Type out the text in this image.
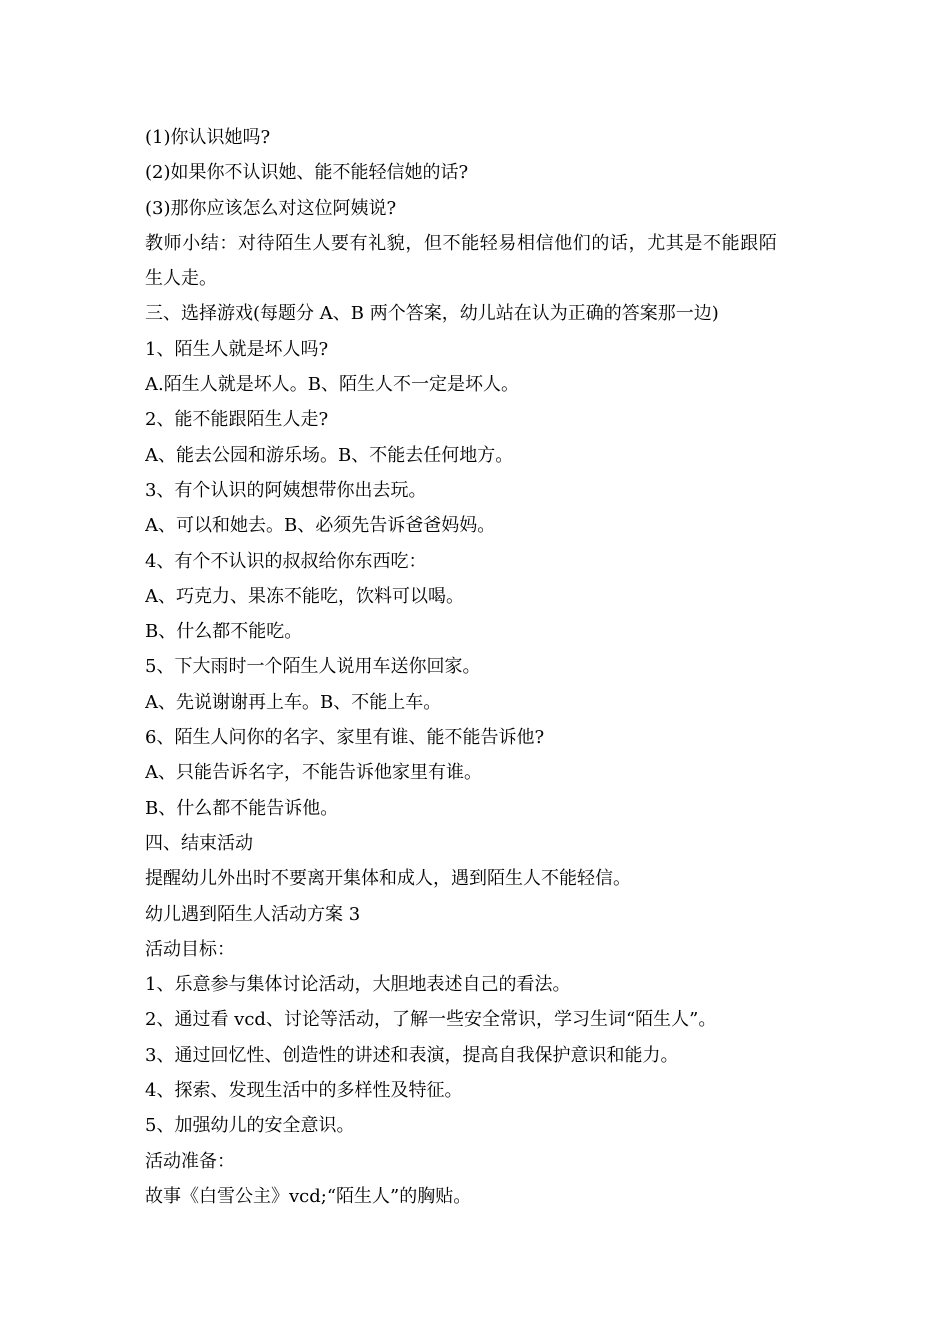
(1)你认识她吗?
(2)如果你不认识她、能不能轻信她的话?
(3)那你应该怎么对这位阿姨说?
教师小结：对待陌生人要有礼貌，但不能轻易相信他们的话，尤其是不能跟陌
生人走。
三、选择游戏(每题分 A、B 两个答案，幼儿站在认为正确的答案那一边)
1、陌生人就是坏人吗?
A.陌生人就是坏人。B、陌生人不一定是坏人。
2、能不能跟陌生人走?
A、能去公园和游乐场。B、不能去任何地方。
3、有个认识的阿姨想带你出去玩。
A、可以和她去。B、必须先告诉爸爸妈妈。
4、有个不认识的叔叔给你东西吃：
A、巧克力、果冻不能吃，饮料可以喝。
B、什么都不能吃。
5、下大雨时一个陌生人说用车送你回家。
A、先说谢谢再上车。B、不能上车。
6、陌生人问你的名字、家里有谁、能不能告诉他?
A、只能告诉名字，不能告诉他家里有谁。
B、什么都不能告诉他。
四、结束活动
提醒幼儿外出时不要离开集体和成人，遇到陌生人不能轻信。
幼儿遇到陌生人活动方案 3
活动目标：
1、乐意参与集体讨论活动，大胆地表述自己的看法。
2、通过看 vcd、讨论等活动，了解一些安全常识，学习生词“陌生人”。
3、通过回忆性、创造性的讲述和表演，提高自我保护意识和能力。
4、探索、发现生活中的多样性及特征。
5、加强幼儿的安全意识。
活动准备：
故事《白雪公主》vcd;“陌生人”的胸贴。
